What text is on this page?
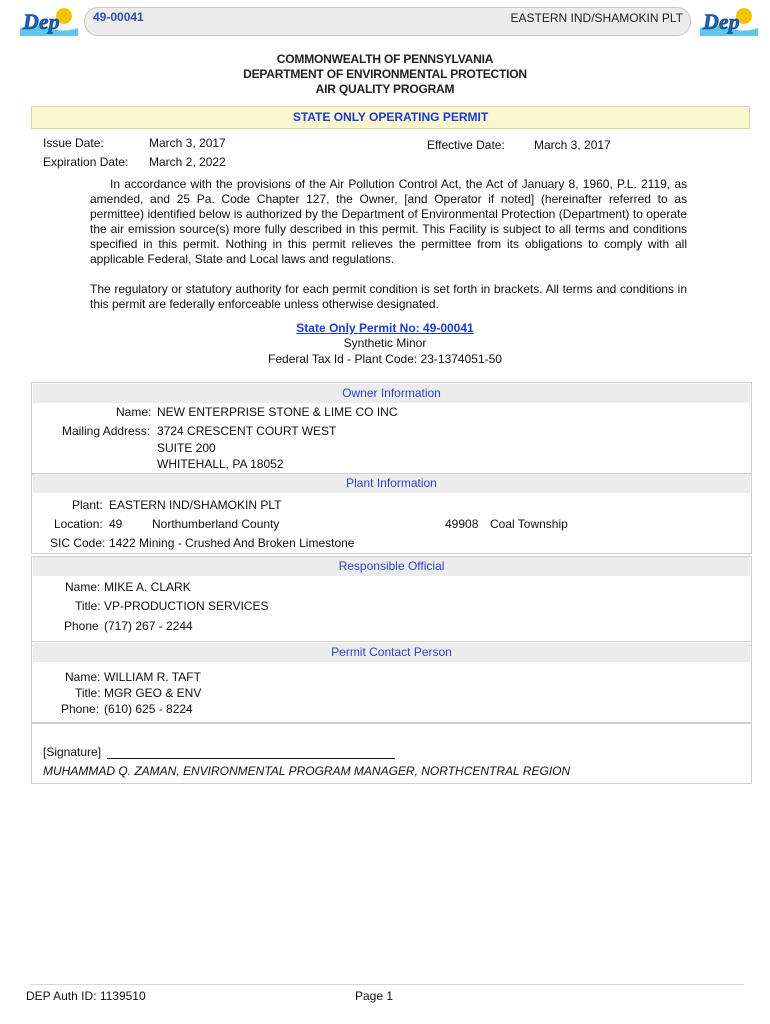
Dep	Dep
49-00041	EASTERN IND/SHAMOKIN PLT
COMMONWEALTH OF PENNSYLVANIA
DEPARTMENT OF ENVIRONMENTAL PROTECTION
AIR QUALITY PROGRAM
STATE ONLY OPERATING PERMIT
Issue Date:	March 3, 2017	Effective Date: March 3, 2017
Expiration Date: March 2, 2022
In accordance with the provisions of the Air Pollution Control Act, the Act of January 8, 1960, P.L. 2119, as amended, and 25 Pa. Code Chapter 127, the Owner, [and Operator if noted] (hereinafter referred to as permittee) identified below is authorized by the Department of Environmental Protection (Department) to operate the air emission source(s) more fully described in this permit. This Facility is subject to all terms and conditions specified in this permit. Nothing in this permit relieves the permittee from its obligations to comply with all applicable Federal, State and Local laws and regulations.
The regulatory or statutory authority for each permit condition is set forth in brackets. All terms and conditions in this permit are federally enforceable unless otherwise designated.
State Only Permit No: 49-00041
Synthetic Minor
Federal Tax Id - Plant Code: 23-1374051-50
Owner Information
Name: NEW ENTERPRISE STONE & LIME CO INC
Mailing Address: 3724 CRESCENT COURT WEST
SUITE 200
WHITEHALL, PA 18052
Plant Information
Plant: EASTERN IND/SHAMOKIN PLT
Location: 49 Northumberland County	49908 Coal Township
SIC Code: 1422 Mining - Crushed And Broken Limestone
Responsible Official
Name: MIKE A. CLARK
Title: VP-PRODUCTION SERVICES
Phone (717) 267 - 2244
Permit Contact Person
Name: WILLIAM R. TAFT
Title: MGR GEO & ENV
Phone: (610) 625 - 8224
[Signature]
MUHAMMAD Q. ZAMAN, ENVIRONMENTAL PROGRAM MANAGER, NORTHCENTRAL REGION
DEP Auth ID: 1139510	Page 1
